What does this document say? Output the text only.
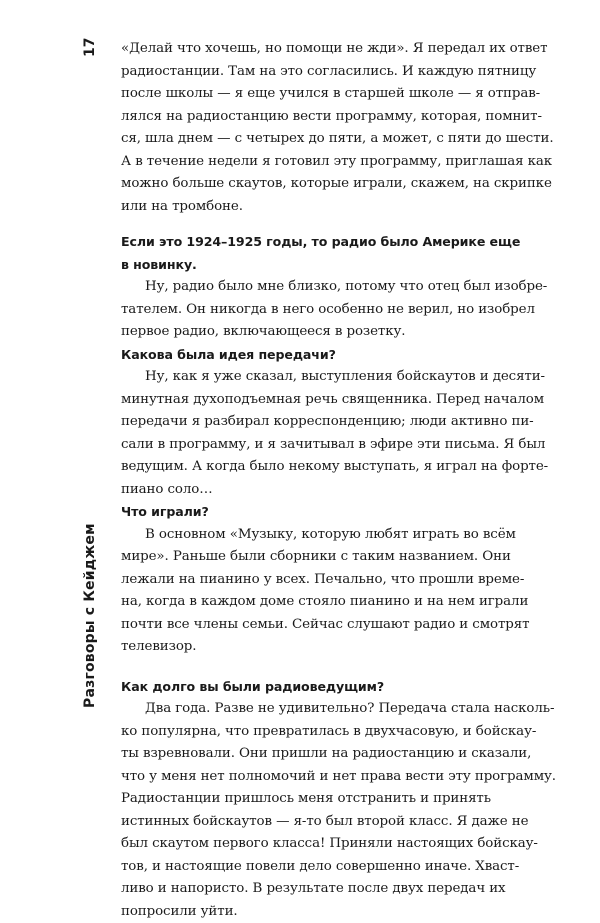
17
Разговоры с Кейджем

«Делай что хочешь, но помощи не жди». Я передал их ответ
радиостанции. Там на это согласились. И каждую пятницу
после школы — я еще учился в старшей школе — я отправ-
лялся на радиостанцию вести программу, которая, помнит-
ся, шла днем — с четырех до пяти, а может, с пяти до шести.
А в течение недели я готовил эту программу, приглашая как
можно больше скаутов, которые играли, скажем, на скрипке
или на тромбоне.

Если это 1924–1925 годы, то радио было Америке еще
в новинку.

Ну, радио было мне близко, потому что отец был изобре-
тателем. Он никогда в него особенно не верил, но изобрел
первое радио, включающееся в розетку.

Какова была идея передачи?

Ну, как я уже сказал, выступления бойскаутов и десяти-
минутная духоподъемная речь священника. Перед началом
передачи я разбирал корреспонденцию; люди активно пи-
сали в программу, и я зачитывал в эфире эти письма. Я был
ведущим. А когда было некому выступать, я играл на форте-
пиано соло…

Что играли?

В основном «Музыку, которую любят играть во всём
мире». Раньше были сборники с таким названием. Они
лежали на пианино у всех. Печально, что прошли време-
на, когда в каждом доме стояло пианино и на нем играли
почти все члены семьи. Сейчас слушают радио и смотрят
телевизор.

Как долго вы были радиоведущим?

Два года. Разве не удивительно? Передача стала насколь-
ко популярна, что превратилась в двухчасовую, и бойскау-
ты взревновали. Они пришли на радиостанцию и сказали,
что у меня нет полномочий и нет права вести эту программу.
Радиостанции пришлось меня отстранить и принять
истинных бойскаутов — я-то был второй класс. Я даже не
был скаутом первого класса! Приняли настоящих бойскау-
тов, и настоящие повели дело совершенно иначе. Хваст-
ливо и напористо. В результате после двух передач их
попросили уйти.
